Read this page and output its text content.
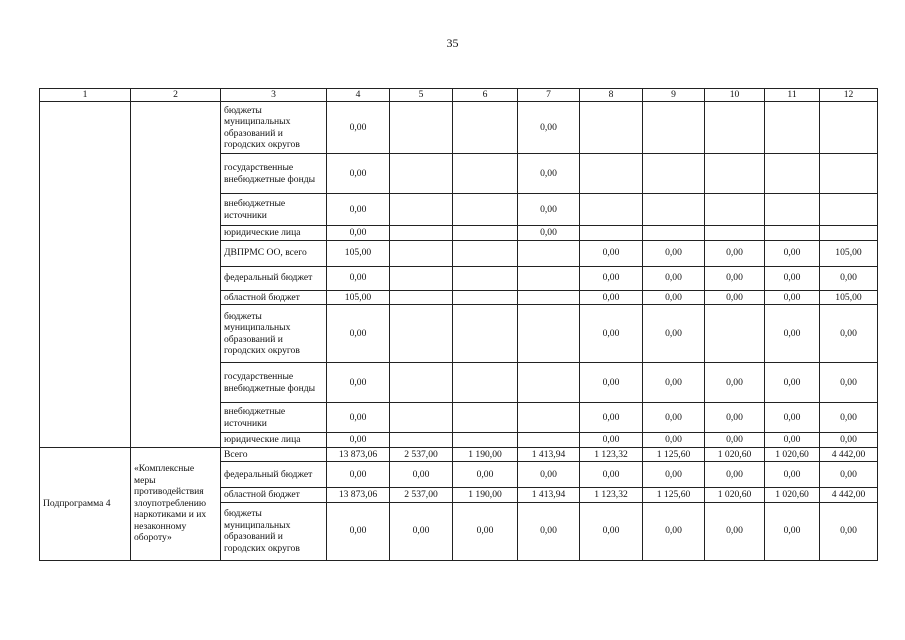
35
1	2	3	4	5	6	7	8	9	10	11	12
		бюджеты муниципальных образований и городских округов	0,00			0,00					
		государственные внебюджетные фонды	0,00			0,00					
		внебюджетные источники	0,00			0,00					
		юридические лица	0,00			0,00					
		ДВПРМС ОО, всего	105,00				0,00	0,00	0,00	0,00	105,00
		федеральный бюджет	0,00				0,00	0,00	0,00	0,00	0,00
		областной бюджет	105,00				0,00	0,00	0,00	0,00	105,00
		бюджеты муниципальных образований и городских округов	0,00				0,00	0,00		0,00	0,00
		государственные внебюджетные фонды	0,00				0,00	0,00	0,00	0,00	0,00
		внебюджетные источники	0,00				0,00	0,00	0,00	0,00	0,00
		юридические лица	0,00				0,00	0,00	0,00	0,00	0,00
Подпрограмма 4	«Комплексные меры противодействия злоупотреблению наркотиками и их незаконному обороту»	Всего	13 873,06	2 537,00	1 190,00	1 413,94	1 123,32	1 125,60	1 020,60	1 020,60	4 442,00
		федеральный бюджет	0,00	0,00	0,00	0,00	0,00	0,00	0,00	0,00	0,00
		областной бюджет	13 873,06	2 537,00	1 190,00	1 413,94	1 123,32	1 125,60	1 020,60	1 020,60	4 442,00
		бюджеты муниципальных образований и городских округов	0,00	0,00	0,00	0,00	0,00	0,00	0,00	0,00	0,00
